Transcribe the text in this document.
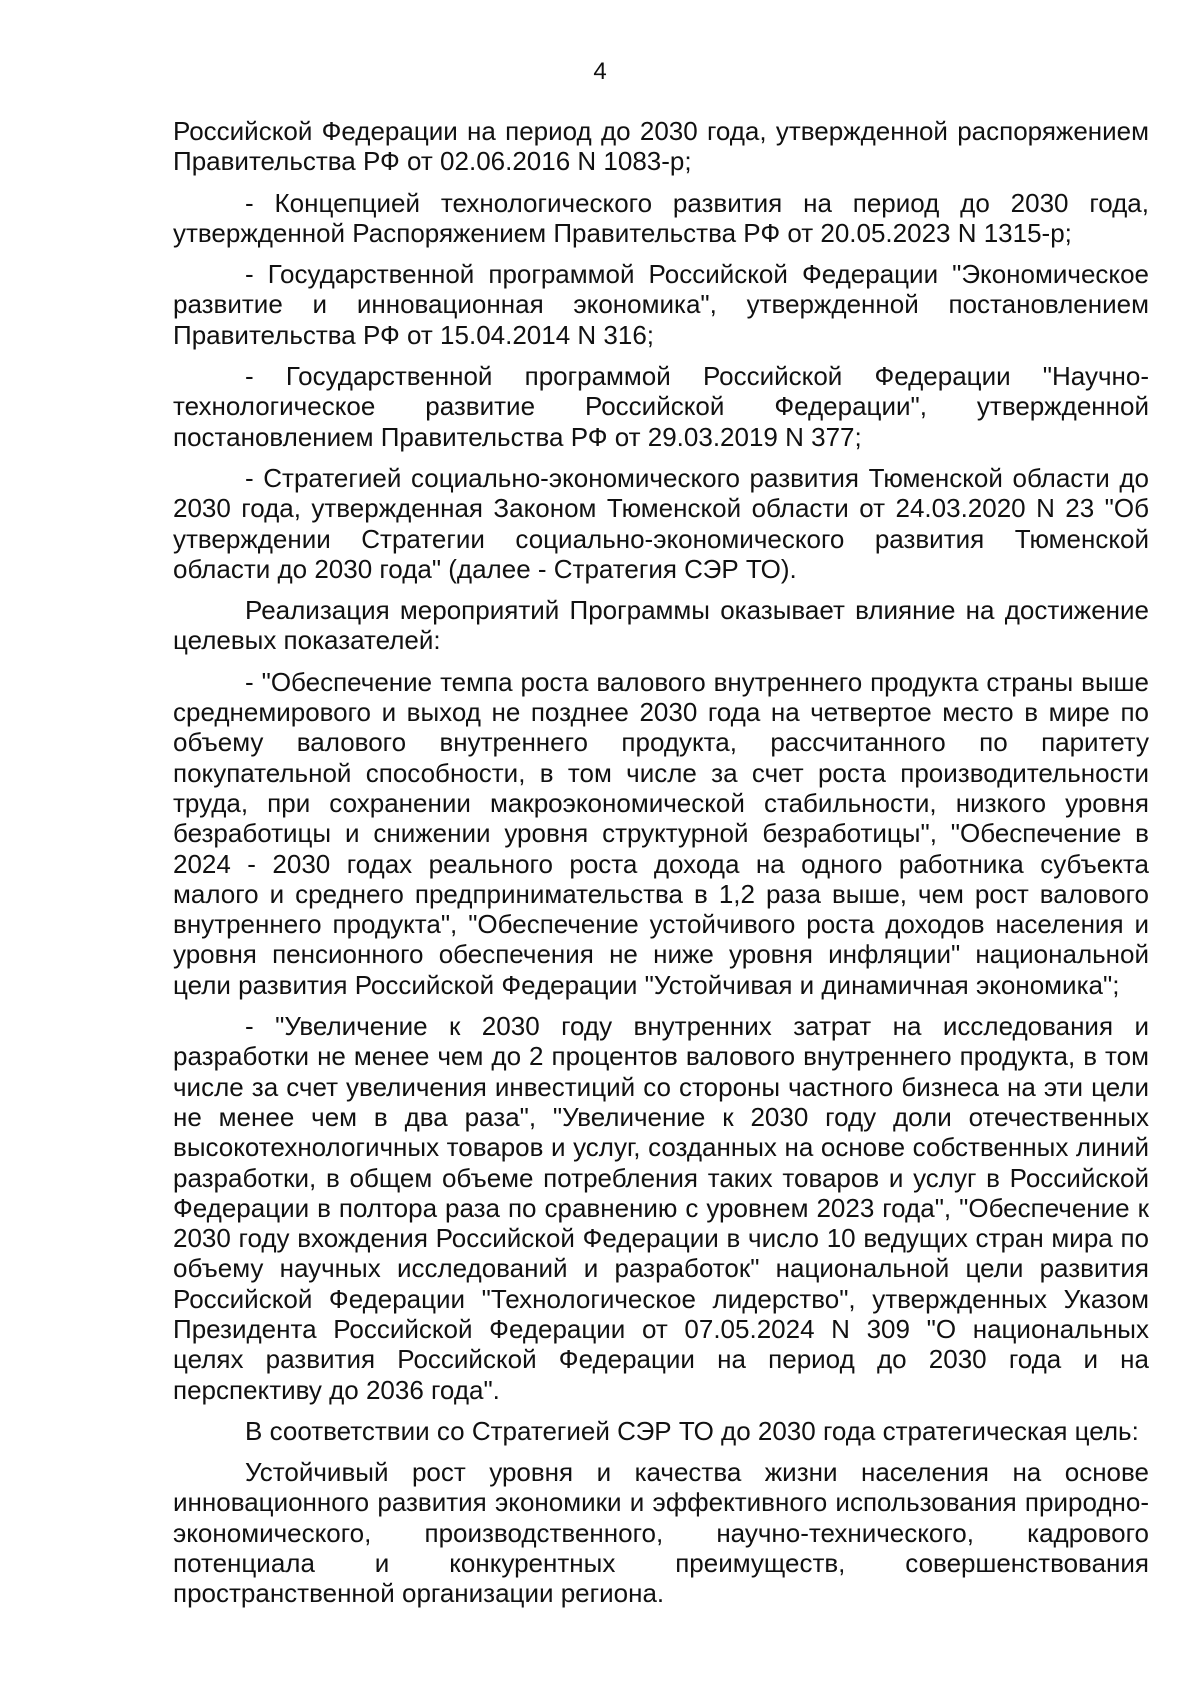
4

Российской Федерации на период до 2030 года, утвержденной распоряжением Правительства РФ от 02.06.2016 N 1083-р;

- Концепцией технологического развития на период до 2030 года, утвержденной Распоряжением Правительства РФ от 20.05.2023 N 1315-р;

- Государственной программой Российской Федерации "Экономическое развитие и инновационная экономика", утвержденной постановлением Правительства РФ от 15.04.2014 N 316;

- Государственной программой Российской Федерации "Научно-технологическое развитие Российской Федерации", утвержденной постановлением Правительства РФ от 29.03.2019 N 377;

- Стратегией социально-экономического развития Тюменской области до 2030 года, утвержденная Законом Тюменской области от 24.03.2020 N 23 "Об утверждении Стратегии социально-экономического развития Тюменской области до 2030 года" (далее - Стратегия СЭР ТО).

Реализация мероприятий Программы оказывает влияние на достижение целевых показателей:

- "Обеспечение темпа роста валового внутреннего продукта страны выше среднемирового и выход не позднее 2030 года на четвертое место в мире по объему валового внутреннего продукта, рассчитанного по паритету покупательной способности, в том числе за счет роста производительности труда, при сохранении макроэкономической стабильности, низкого уровня безработицы и снижении уровня структурной безработицы", "Обеспечение в 2024 - 2030 годах реального роста дохода на одного работника субъекта малого и среднего предпринимательства в 1,2 раза выше, чем рост валового внутреннего продукта", "Обеспечение устойчивого роста доходов населения и уровня пенсионного обеспечения не ниже уровня инфляции" национальной цели развития Российской Федерации "Устойчивая и динамичная экономика";

- "Увеличение к 2030 году внутренних затрат на исследования и разработки не менее чем до 2 процентов валового внутреннего продукта, в том числе за счет увеличения инвестиций со стороны частного бизнеса на эти цели не менее чем в два раза", "Увеличение к 2030 году доли отечественных высокотехнологичных товаров и услуг, созданных на основе собственных линий разработки, в общем объеме потребления таких товаров и услуг в Российской Федерации в полтора раза по сравнению с уровнем 2023 года", "Обеспечение к 2030 году вхождения Российской Федерации в число 10 ведущих стран мира по объему научных исследований и разработок" национальной цели развития Российской Федерации "Технологическое лидерство", утвержденных Указом Президента Российской Федерации от 07.05.2024 N 309 "О национальных целях развития Российской Федерации на период до 2030 года и на перспективу до 2036 года".

В соответствии со Стратегией СЭР ТО до 2030 года стратегическая цель:

Устойчивый рост уровня и качества жизни населения на основе инновационного развития экономики и эффективного использования природно-экономического, производственного, научно-технического, кадрового потенциала и конкурентных преимуществ, совершенствования пространственной организации региона.
